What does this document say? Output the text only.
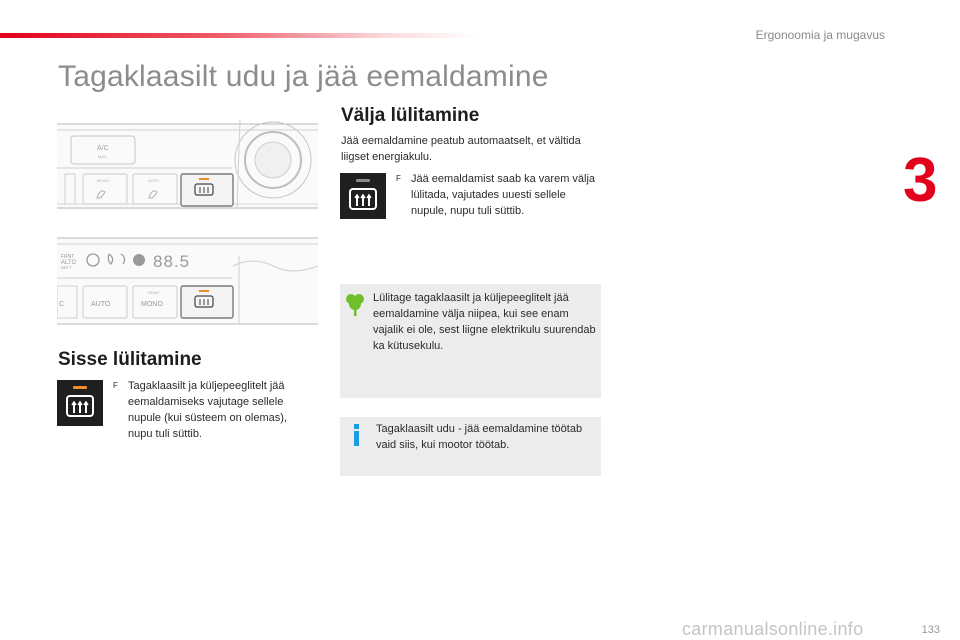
Ergonoomia ja mugavus
3
Tagaklaasilt udu ja jää eemaldamine
A/C
MAX
MONO	AUTO
FRNT
ALTO
DEFT	88.5
C	AUTO	MONO
REAR
Sisse lülitamine
F Tagaklaasilt ja küljepeeglitelt jää eemaldamiseks vajutage sellele nupule (kui süsteem on olemas), nupu tuli süttib.
Välja lülitamine

Jää eemaldamine peatub automaatselt, et vältida liigset energiakulu.

F Jää eemaldamist saab ka varem välja lülitada, vajutades uuesti sellele nupule, nupu tuli süttib.
Lülitage tagaklaasilt ja küljepeeglitelt jää eemaldamine välja niipea, kui see enam vajalik ei ole, sest liigne elektrikulu suurendab ka kütusekulu.
Tagaklaasilt udu - jää eemaldamine töötab vaid siis, kui mootor töötab.
133
carmanualsonline.info
